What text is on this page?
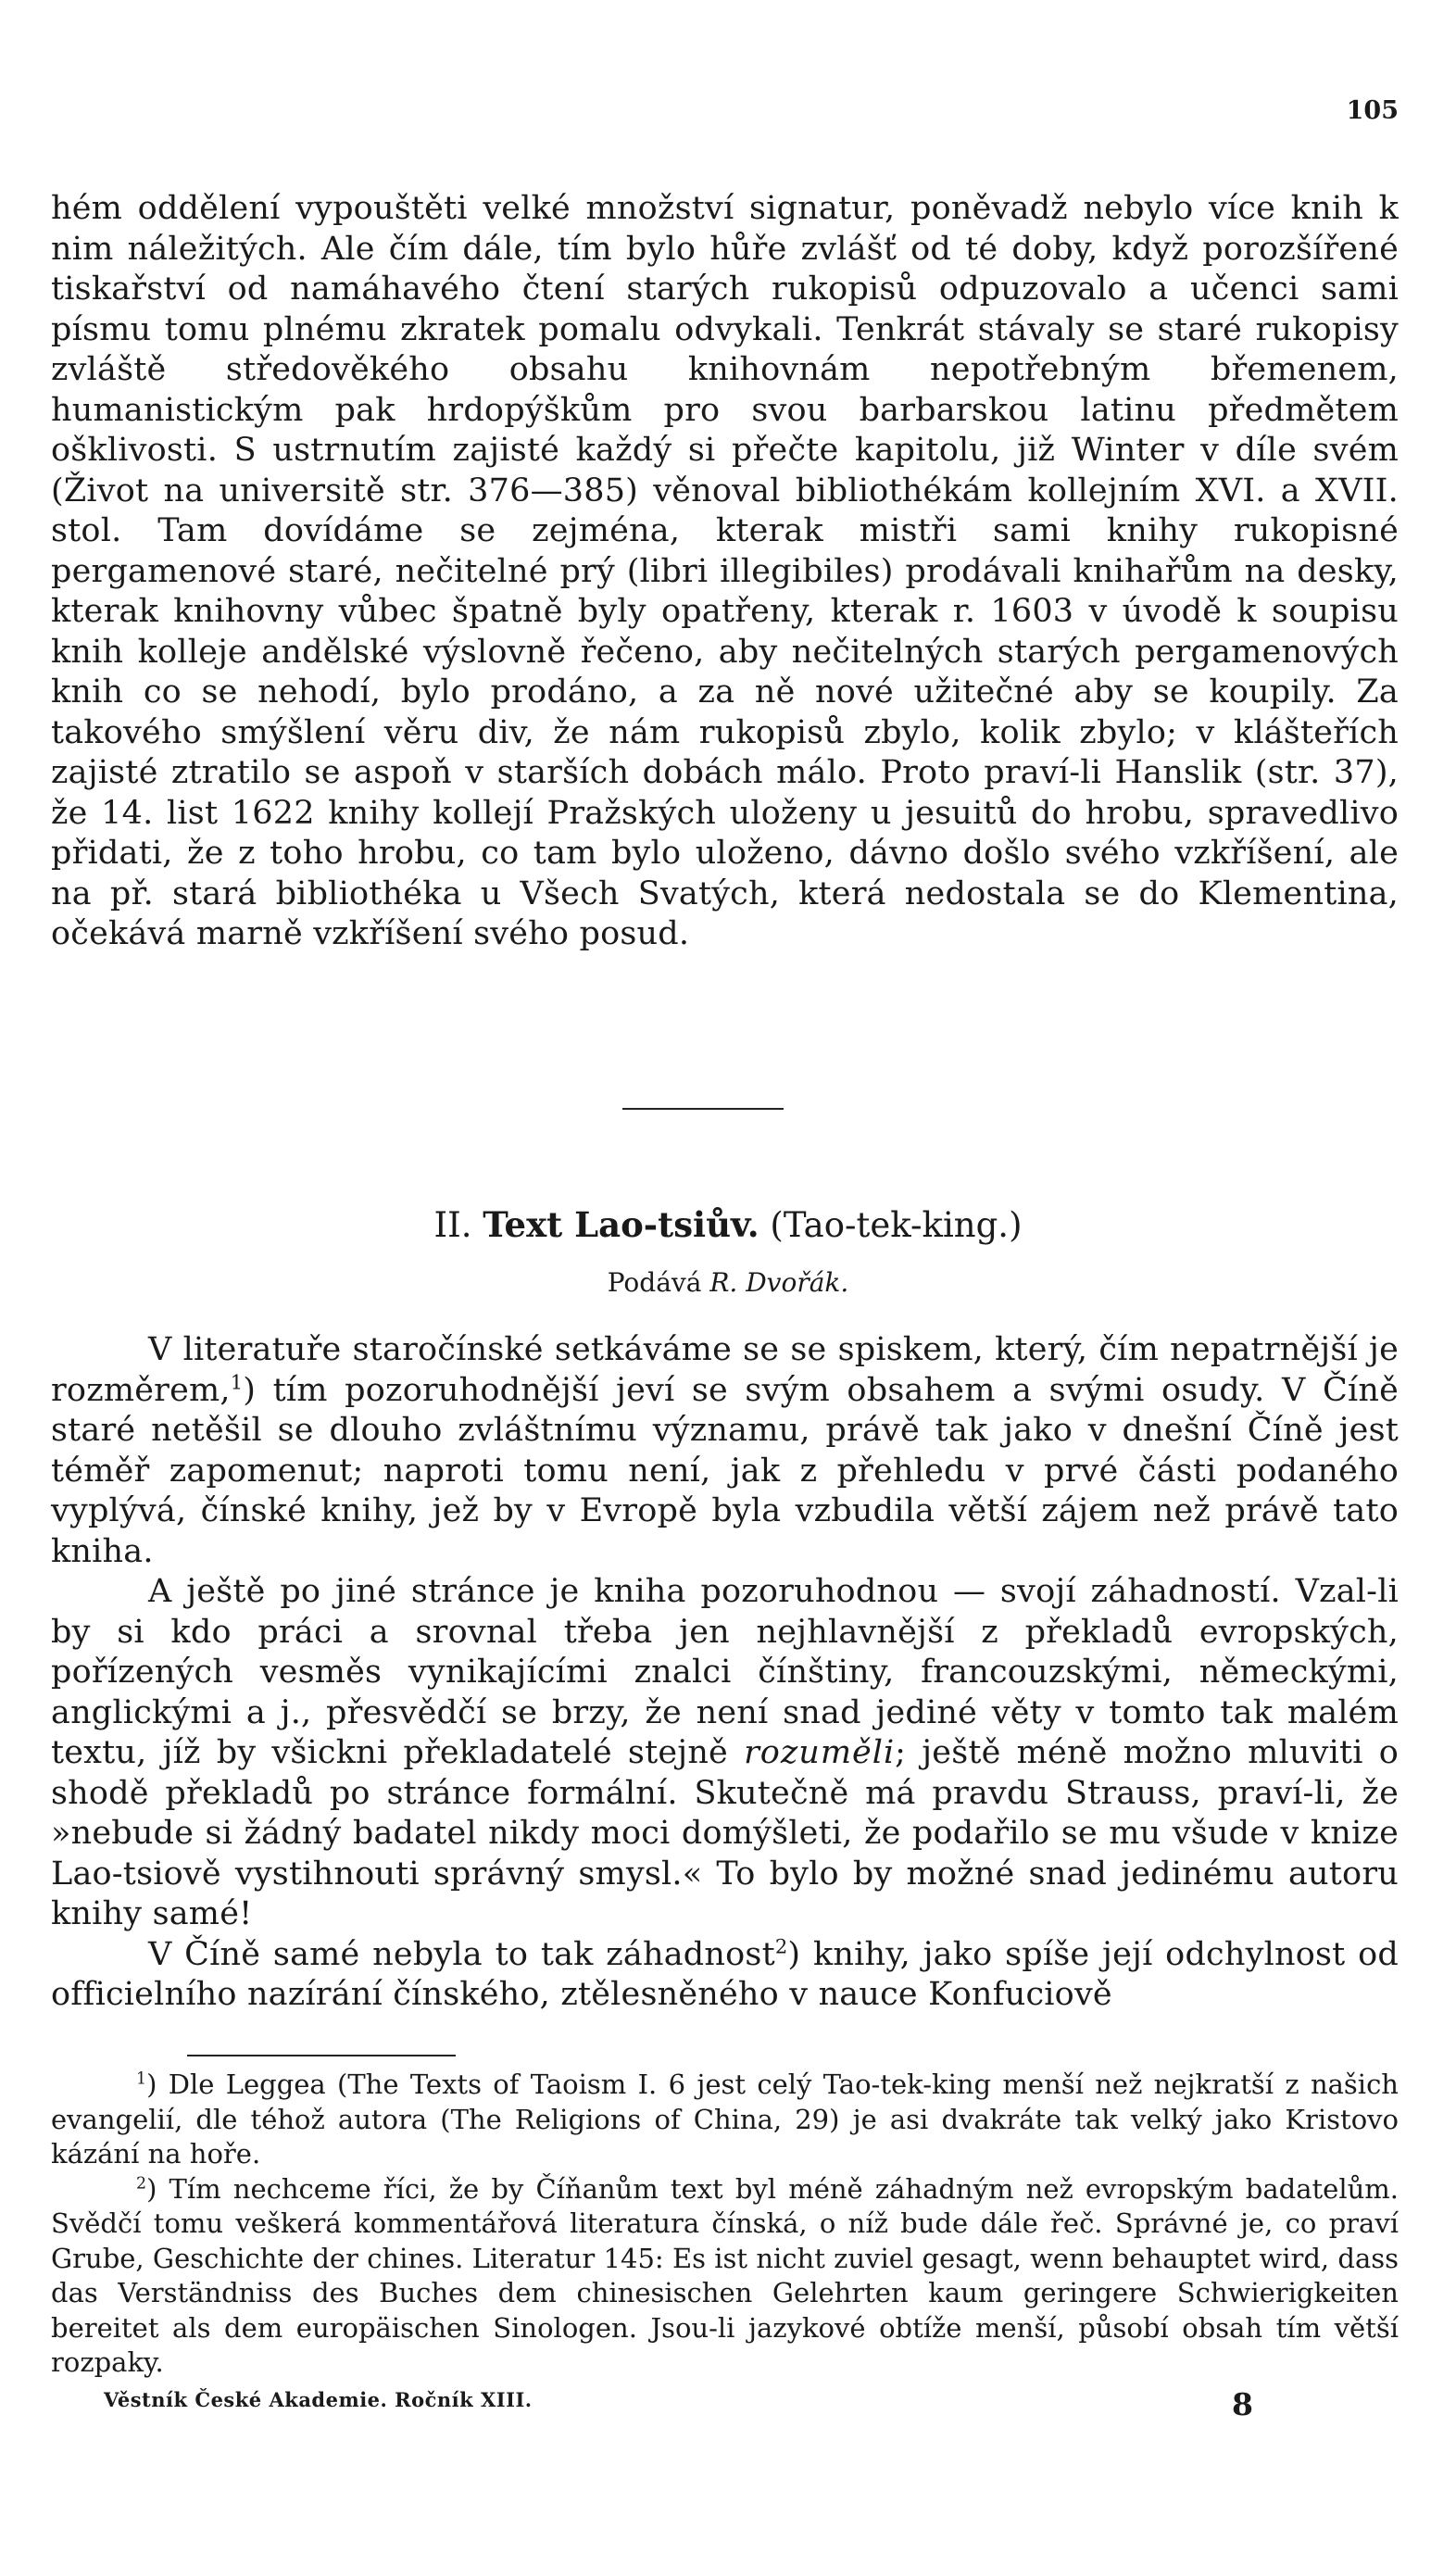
105

hém oddělení vypouštěti velké množství signatur, poněvadž nebylo více knih k nim náležitých. Ale čím dále, tím bylo hůře zvlášť od té doby, když porozšířené tiskařství od namáhavého čtení starých rukopisů odpuzovalo a učenci sami písmu tomu plnému zkratek pomalu odvykali. Tenkrát stávaly se staré rukopisy zvláště středověkého obsahu knihovnám nepotřebným břemenem, humanistickým pak hrdopýškům pro svou barbarskou latinu předmětem ošklivosti. S ustrnutím zajisté každý si přečte kapitolu, již Winter v díle svém (Život na universitě str. 376—385) věnoval bibliothékám kollejním XVI. a XVII. stol. Tam dovídáme se zejména, kterak mistři sami knihy rukopisné pergamenové staré, nečitelné prý (libri illegibiles) prodávali knihařům na desky, kterak knihovny vůbec špatně byly opatřeny, kterak r. 1603 v úvodě k soupisu knih kolleje andělské výslovně řečeno, aby nečitelných starých pergamenových knih co se nehodí, bylo prodáno, a za ně nové užitečné aby se koupily. Za takového smýšlení věru div, že nám rukopisů zbylo, kolik zbylo; v klášteřích zajisté ztratilo se aspoň v starších dobách málo. Proto praví-li Hanslik (str. 37), že 14. list 1622 knihy kollejí Pražských uloženy u jesuitů do hrobu, spravedlivo přidati, že z toho hrobu, co tam bylo uloženo, dávno došlo svého vzkříšení, ale na př. stará bibliothéka u Všech Svatých, která nedostala se do Klementina, očekává marně vzkříšení svého posud.

II. Text Lao-tsiův. (Tao-tek-king.)
Podává R. Dvořák.

V literatuře staročínské setkáváme se se spiskem, který, čím nepatrnější je rozměrem,$^1$) tím pozoruhodnější jeví se svým obsahem a svými osudy. V Číně staré netěšil se dlouho zvláštnímu významu, právě tak jako v dnešní Číně jest téměř zapomenut; naproti tomu není, jak z přehledu v prvé části podaného vyplývá, čínské knihy, jež by v Evropě byla vzbudila větší zájem než právě tato kniha.

A ještě po jiné stránce je kniha pozoruhodnou — svojí záhadností. Vzal-li by si kdo práci a srovnal třeba jen nejhlavnější z překladů evropských, pořízených vesměs vynikajícími znalci čínštiny, francouzskými, německými, anglickými a j., přesvědčí se brzy, že není snad jediné věty v tomto tak malém textu, jíž by všickni překladatelé stejně rozuměli; ještě méně možno mluviti o shodě překladů po stránce formální. Skutečně má pravdu Strauss, praví-li, že »nebude si žádný badatel nikdy moci domýšleti, že podařilo se mu všude v knize Lao-tsiově vystihnouti správný smysl.« To bylo by možné snad jedinému autoru knihy samé!

V Číně samé nebyla to tak záhadnost$^2$) knihy, jako spíše její odchylnost od officielního nazírání čínského, ztělesněného v nauce Konfuciově

$^1$) Dle Leggea (The Texts of Taoism I. 6 jest celý Tao-tek-king menší než nejkratší z našich evangelií, dle téhož autora (The Religions of China, 29) je asi dvakráte tak velký jako Kristovo kázání na hoře.

$^2$) Tím nechceme říci, že by Číňanům text byl méně záhadným než evropským badatelům. Svědčí tomu veškerá kommentářová literatura čínská, o níž bude dále řeč. Správné je, co praví Grube, Geschichte der chines. Literatur 145: Es ist nicht zuviel gesagt, wenn behauptet wird, dass das Verständniss des Buches dem chinesischen Gelehrten kaum geringere Schwierigkeiten bereitet als dem europäischen Sinologen. Jsou-li jazykové obtíže menší, působí obsah tím větší rozpaky.

Věstník České Akademie. Ročník XIII.	8
